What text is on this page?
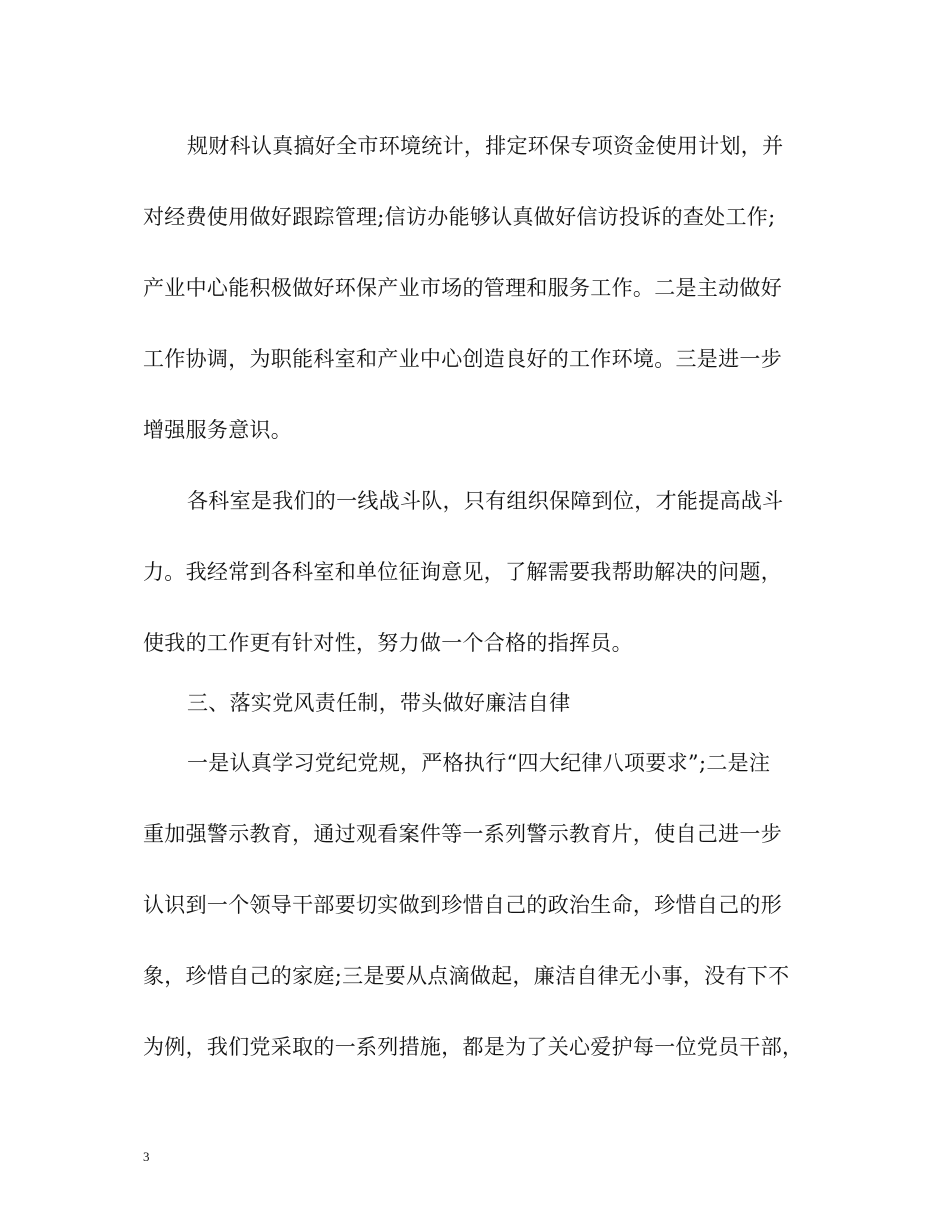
规财科认真搞好全市环境统计，排定环保专项资金使用计划，并
对经费使用做好跟踪管理;信访办能够认真做好信访投诉的查处工作;
产业中心能积极做好环保产业市场的管理和服务工作。二是主动做好
工作协调，为职能科室和产业中心创造良好的工作环境。三是进一步
增强服务意识。
各科室是我们的一线战斗队，只有组织保障到位，才能提高战斗
力。我经常到各科室和单位征询意见，了解需要我帮助解决的问题，
使我的工作更有针对性，努力做一个合格的指挥员。
三、落实党风责任制，带头做好廉洁自律
一是认真学习党纪党规，严格执行“四大纪律八项要求”;二是注
重加强警示教育，通过观看案件等一系列警示教育片，使自己进一步
认识到一个领导干部要切实做到珍惜自己的政治生命，珍惜自己的形
象，珍惜自己的家庭;三是要从点滴做起，廉洁自律无小事，没有下不
为例，我们党采取的一系列措施，都是为了关心爱护每一位党员干部，
3
